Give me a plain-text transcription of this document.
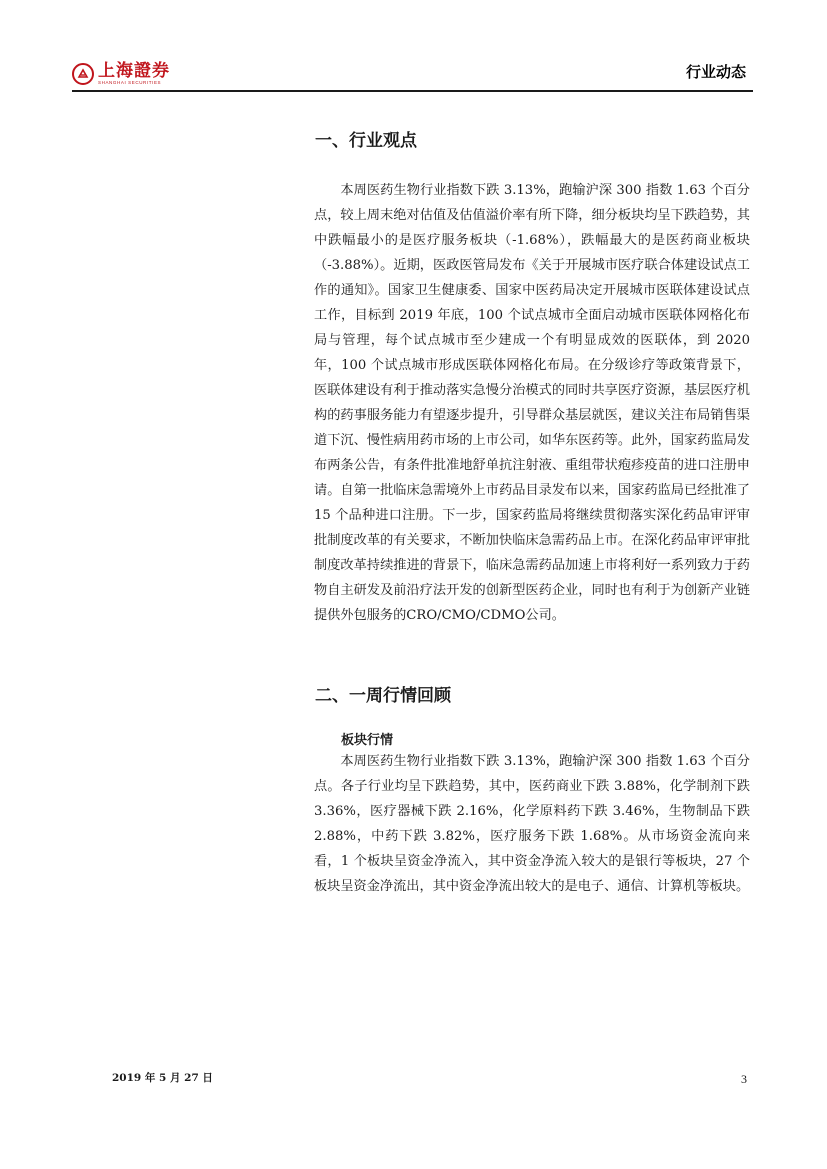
上海證券
SHANGHAI SECURITIES
行业动态
一、行业观点
本周医药生物行业指数下跌 3.13%，跑输沪深 300 指数 1.63 个百分点，较上周末绝对估值及估值溢价率有所下降，细分板块均呈下跌趋势，其中跌幅最小的是医疗服务板块（-1.68%），跌幅最大的是医药商业板块（-3.88%）。近期，医政医管局发布《关于开展城市医疗联合体建设试点工作的通知》。国家卫生健康委、国家中医药局决定开展城市医联体建设试点工作，目标到 2019 年底，100 个试点城市全面启动城市医联体网格化布局与管理，每个试点城市至少建成一个有明显成效的医联体，到 2020 年，100 个试点城市形成医联体网格化布局。在分级诊疗等政策背景下，医联体建设有利于推动落实急慢分治模式的同时共享医疗资源，基层医疗机构的药事服务能力有望逐步提升，引导群众基层就医，建议关注布局销售渠道下沉、慢性病用药市场的上市公司，如华东医药等。此外，国家药监局发布两条公告，有条件批准地舒单抗注射液、重组带状疱疹疫苗的进口注册申请。自第一批临床急需境外上市药品目录发布以来，国家药监局已经批准了 15 个品种进口注册。下一步，国家药监局将继续贯彻落实深化药品审评审批制度改革的有关要求，不断加快临床急需药品上市。在深化药品审评审批制度改革持续推进的背景下，临床急需药品加速上市将利好一系列致力于药物自主研发及前沿疗法开发的创新型医药企业，同时也有利于为创新产业链提供外包服务的CRO/CMO/CDMO公司。
二、一周行情回顾
板块行情
本周医药生物行业指数下跌 3.13%，跑输沪深 300 指数 1.63 个百分点。各子行业均呈下跌趋势，其中，医药商业下跌 3.88%，化学制剂下跌 3.36%，医疗器械下跌 2.16%，化学原料药下跌 3.46%，生物制品下跌 2.88%，中药下跌 3.82%，医疗服务下跌 1.68%。从市场资金流向来看，1 个板块呈资金净流入，其中资金净流入较大的是银行等板块，27 个板块呈资金净流出，其中资金净流出较大的是电子、通信、计算机等板块。
2019 年 5 月 27 日	3
